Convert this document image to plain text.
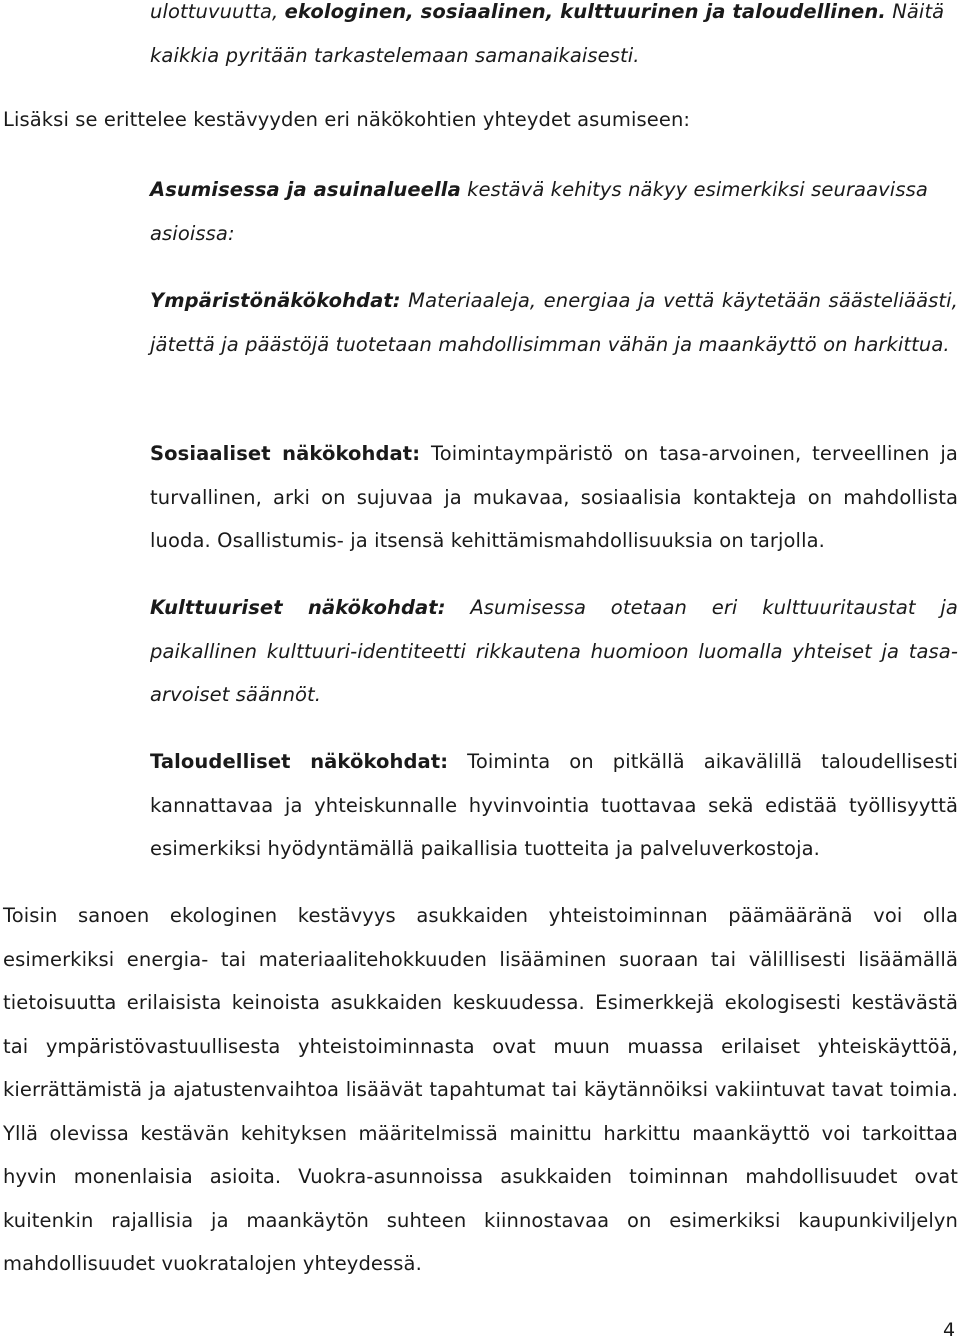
ulottuvuutta, ekologinen, sosiaalinen, kulttuurinen ja taloudellinen. Näitä kaikkia pyritään tarkastelemaan samanaikaisesti.

Lisäksi se erittelee kestävyyden eri näkökohtien yhteydet asumiseen:

Asumisessa ja asuinalueella kestävä kehitys näkyy esimerkiksi seuraavissa asioissa:

Ympäristönäkökohdat: Materiaaleja, energiaa ja vettä käytetään säästeliäästi, jätettä ja päästöjä tuotetaan mahdollisimman vähän ja maankäyttö on harkittua.

Sosiaaliset näkökohdat: Toimintaympäristö on tasa-arvoinen, terveellinen ja turvallinen, arki on sujuvaa ja mukavaa, sosiaalisia kontakteja on mahdollista luoda. Osallistumis- ja itsensä kehittämismahdollisuuksia on tarjolla.

Kulttuuriset näkökohdat: Asumisessa otetaan eri kulttuuritaustat ja paikallinen kulttuuri-identiteetti rikkautena huomioon luomalla yhteiset ja tasa-arvoiset säännöt.

Taloudelliset näkökohdat: Toiminta on pitkällä aikavälillä taloudellisesti kannattavaa ja yhteiskunnalle hyvinvointia tuottavaa sekä edistää työllisyyttä esimerkiksi hyödyntämällä paikallisia tuotteita ja palveluverkostoja.

Toisin sanoen ekologinen kestävyys asukkaiden yhteistoiminnan päämääränä voi olla esimerkiksi energia- tai materiaalitehokkuuden lisääminen suoraan tai välillisesti lisäämällä tietoisuutta erilaisista keinoista asukkaiden keskuudessa. Esimerkkejä ekologisesti kestävästä tai ympäristövastuullisesta yhteistoiminnasta ovat muun muassa erilaiset yhteiskäyttöä, kierrättämistä ja ajatustenvaihtoa lisäävät tapahtumat tai käytännöiksi vakiintuvat tavat toimia. Yllä olevissa kestävän kehityksen määritelmissä mainittu harkittu maankäyttö voi tarkoittaa hyvin monenlaisia asioita. Vuokra-asunnoissa asukkaiden toiminnan mahdollisuudet ovat kuitenkin rajallisia ja maankäytön suhteen kiinnostavaa on esimerkiksi kaupunkiviljelyn mahdollisuudet vuokratalojen yhteydessä.

4
